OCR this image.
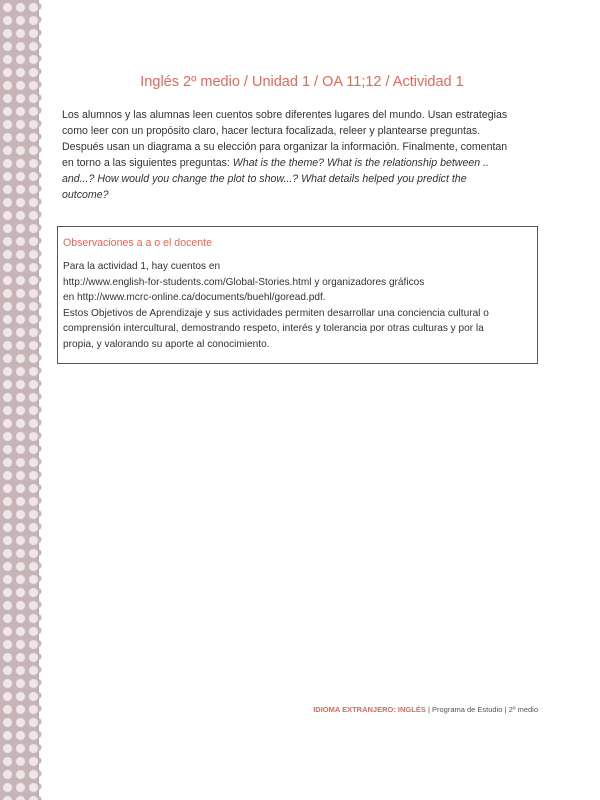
Inglés 2º medio / Unidad 1 / OA 11;12 / Actividad 1
Los alumnos y las alumnas leen cuentos sobre diferentes lugares del mundo. Usan estrategias
como leer con un propósito claro, hacer lectura focalizada, releer y plantearse preguntas.
Después usan un diagrama a su elección para organizar la información. Finalmente, comentan
en torno a las siguientes preguntas: What is the theme? What is the relationship between ..
and...? How would you change the plot to show...? What details helped you predict the
outcome?

Observaciones a a o el docente

Para la actividad 1, hay cuentos en

http://www.english-for-students.com/Global-Stories.html y organizadores gráficos

en http://www.mcrc-online.ca/documents/buehl/goread.pdf.

Estos Objetivos de Aprendizaje y sus actividades permiten desarrollar una conciencia cultural o

comprensión intercultural, demostrando respeto, interés y tolerancia por otras culturas y por la

propia, y valorando su aporte al conocimiento.

IDIOMA EXTRANJERO: INGLÉS | Programa de Estudio | 2º medio
